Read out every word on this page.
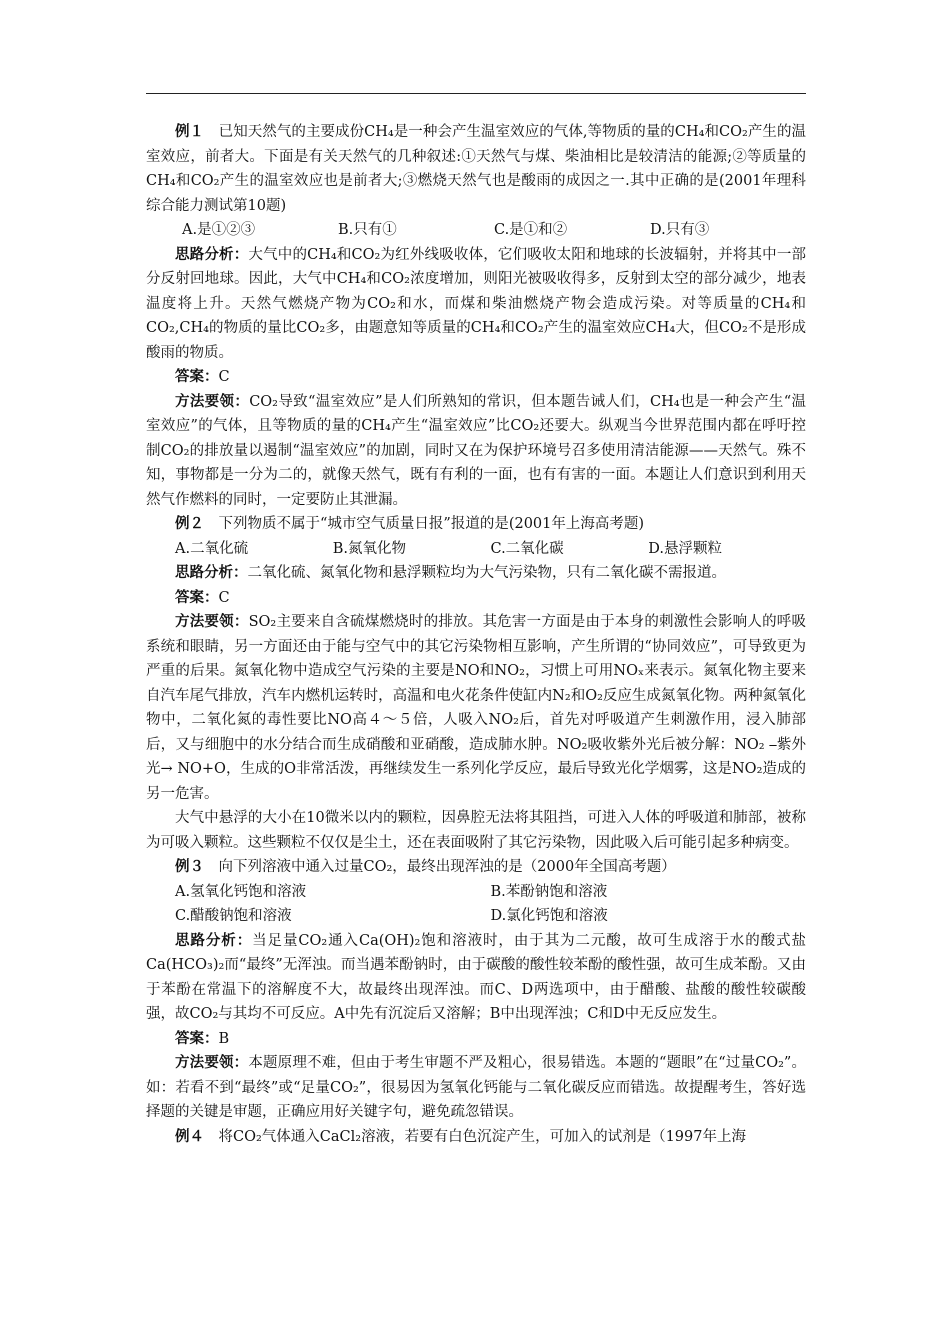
例１　已知天然气的主要成份CH₄是一种会产生温室效应的气体,等物质的量的CH₄和CO₂产生的温室效应，前者大。下面是有关天然气的几种叙述:①天然气与煤、柴油相比是较清洁的能源;②等质量的CH₄和CO₂产生的温室效应也是前者大;③燃烧天然气也是酸雨的成因之一.其中正确的是(2001年理科综合能力测试第10题)

A.是①②③	B.只有①	C.是①和②	D.只有③

思路分析：大气中的CH₄和CO₂为红外线吸收体，它们吸收太阳和地球的长波辐射，并将其中一部分反射回地球。因此，大气中CH₄和CO₂浓度增加，则阳光被吸收得多，反射到太空的部分减少，地表温度将上升。天然气燃烧产物为CO₂和水，而煤和柴油燃烧产物会造成污染。对等质量的CH₄和CO₂,CH₄的物质的量比CO₂多，由题意知等质量的CH₄和CO₂产生的温室效应CH₄大，但CO₂不是形成酸雨的物质。

答案：C

方法要领：CO₂导致“温室效应”是人们所熟知的常识，但本题告诫人们，CH₄也是一种会产生“温室效应”的气体，且等物质的量的CH₄产生“温室效应”比CO₂还要大。纵观当今世界范围内都在呼吁控制CO₂的排放量以遏制“温室效应”的加剧，同时又在为保护环境号召多使用清洁能源——天然气。殊不知，事物都是一分为二的，就像天然气，既有有利的一面，也有有害的一面。本题让人们意识到利用天然气作燃料的同时，一定要防止其泄漏。

例２　下列物质不属于“城市空气质量日报”报道的是(2001年上海高考题)

A.二氧化硫	B.氮氧化物	C.二氧化碳	D.悬浮颗粒

思路分析：二氧化硫、氮氧化物和悬浮颗粒均为大气污染物，只有二氧化碳不需报道。

答案：C

方法要领：SO₂主要来自含硫煤燃烧时的排放。其危害一方面是由于本身的刺激性会影响人的呼吸系统和眼睛，另一方面还由于能与空气中的其它污染物相互影响，产生所谓的“协同效应”，可导致更为严重的后果。氮氧化物中造成空气污染的主要是NO和NO₂，习惯上可用NOₓ来表示。氮氧化物主要来自汽车尾气排放，汽车内燃机运转时，高温和电火花条件使缸内N₂和O₂反应生成氮氧化物。两种氮氧化物中，二氧化氮的毒性要比NO高４～５倍，人吸入NO₂后，首先对呼吸道产生刺激作用，浸入肺部后，又与细胞中的水分结合而生成硝酸和亚硝酸，造成肺水肿。NO₂吸收紫外光后被分解：NO₂ ⎯紫外光→ NO+O，生成的O非常活泼，再继续发生一系列化学反应，最后导致光化学烟雾，这是NO₂造成的另一危害。

大气中悬浮的大小在10微米以内的颗粒，因鼻腔无法将其阻挡，可进入人体的呼吸道和肺部，被称为可吸入颗粒。这些颗粒不仅仅是尘土，还在表面吸附了其它污染物，因此吸入后可能引起多种病变。

例３　向下列溶液中通入过量CO₂，最终出现浑浊的是（2000年全国高考题）

A.氢氧化钙饱和溶液	B.苯酚钠饱和溶液
C.醋酸钠饱和溶液	D.氯化钙饱和溶液

思路分析：当足量CO₂通入Ca(OH)₂饱和溶液时，由于其为二元酸，故可生成溶于水的酸式盐Ca(HCO₃)₂而“最终”无浑浊。而当遇苯酚钠时，由于碳酸的酸性较苯酚的酸性强，故可生成苯酚。又由于苯酚在常温下的溶解度不大，故最终出现浑浊。而C、D两选项中，由于醋酸、盐酸的酸性较碳酸强，故CO₂与其均不可反应。A中先有沉淀后又溶解；B中出现浑浊；C和D中无反应发生。

答案：B

方法要领：本题原理不难，但由于考生审题不严及粗心，很易错选。本题的“题眼”在“过量CO₂”。如：若看不到“最终”或“足量CO₂”，很易因为氢氧化钙能与二氧化碳反应而错选。故提醒考生，答好选择题的关键是审题，正确应用好关键字句，避免疏忽错误。

例４　将CO₂气体通入CaCl₂溶液，若要有白色沉淀产生，可加入的试剂是（1997年上海
